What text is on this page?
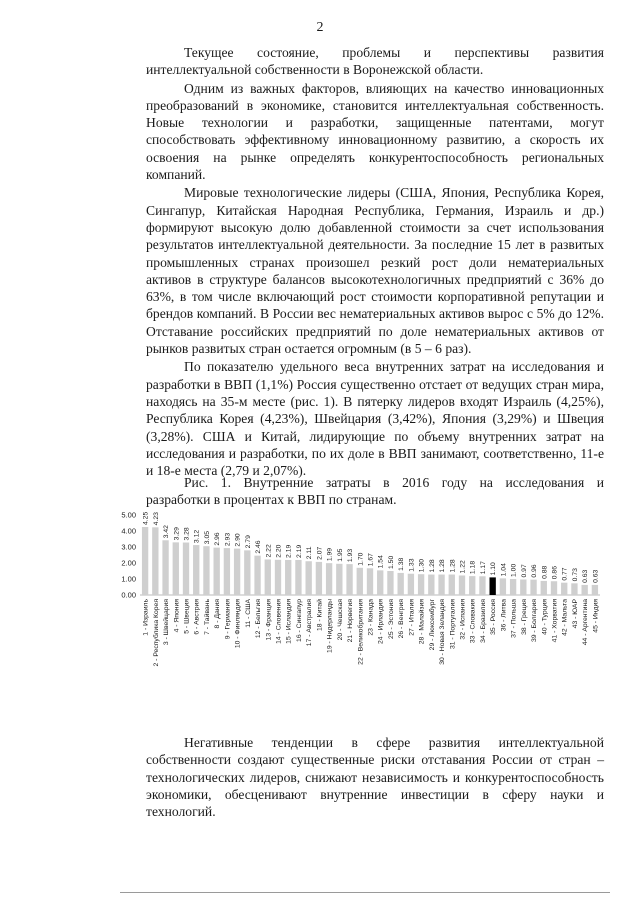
2

Текущее состояние, проблемы и перспективы развития интеллектуальной собственности в Воронежской области.

Одним из важных факторов, влияющих на качество инновационных преобразований в экономике, становится интеллектуальная собственность. Новые технологии и разработки, защищенные патентами, могут способствовать эффективному инновационному развитию, а скорость их освоения на рынке определять конкурентоспособность региональных компаний.

Мировые технологические лидеры (США, Япония, Республика Корея, Сингапур, Китайская Народная Республика, Германия, Израиль и др.) формируют высокую долю добавленной стоимости за счет использования результатов интеллектуальной деятельности. За последние 15 лет в развитых промышленных странах произошел резкий рост доли нематериальных активов в структуре балансов высокотехнологичных предприятий с 36% до 63%, в том числе включающий рост стоимости корпоративной репутации и брендов компаний. В России вес нематериальных активов вырос с 5% до 12%. Отставание российских предприятий по доле нематериальных активов от рынков развитых стран остается огромным (в 5 – 6 раз).

По показателю удельного веса внутренних затрат на исследования и разработки в ВВП (1,1%) Россия существенно отстает от ведущих стран мира, находясь на 35-м месте (рис. 1). В пятерку лидеров входят Израиль (4,25%), Республика Корея (4,23%), Швейцария (3,42%), Япония (3,29%) и Швеция (3,28%). США и Китай, лидирующие по объему внутренних затрат на исследования и разработки, по их доле в ВВП занимают, соответственно, 11-е и 18-е места (2,79 и 2,07%).

Рис. 1. Внутренние затраты в 2016 году на исследования и
разработки в процентах к ВВП по странам.
0.00
1.00
2.00
3.00
4.00
5.00 4.25
1 - Израиль
4.23
2 - Республика Корея
3.42
3 - Швейцария
3.29
4 - Япония
3.28
5 - Швеция
3.12
6 - Австрия
3.05
7 - Тайвань
2.96
8 - Дания
2.93
9 - Германия
2.90
10 - Финляндия
2.79
11 - США
2.46
12 - Бельгия
2.22
13 - Франция
2.20
14 - Словения
2.19
15 - Исландия
2.19
16 - Сингапур
2.11
17 - Австралия
2.07
18 - Китай
1.99
19 - Нидерланды
1.95
20 - Чешская
1.93
21 - Норвегия
1.70
22 - Великобритания
1.67
23 - Канада
1.54
24 - Ирландия
1.50
25 - Эстония
1.38
26 - Венгрия
1.33
27 - Италия
1.30
28 - Малайзия
1.28
29 - Люксембург
1.28
30 - Новая Зеландия
1.28
31 - Португалия
1.22
32 - Испания
1.18
33 - Словакия
1.17
34 - Бразилия
1.10
35 - Россия
1.04
36 - Литва
1.00
37 - Польша
0.97
38 - Греция
0.96
39 - Болгария
0.88
40 - Турция
0.86
41 - Хорватия
0.77
42 - Мальта
0.73
43 - ЮАР
0.63
44 - Аргентина
0.63
45 - Индия

Негативные тенденции в сфере развития интеллектуальной собственности создают существенные риски отставания России от стран – технологических лидеров, снижают независимость и конкурентоспособность экономики, обесценивают внутренние инвестиции в сферу науки и технологий.
